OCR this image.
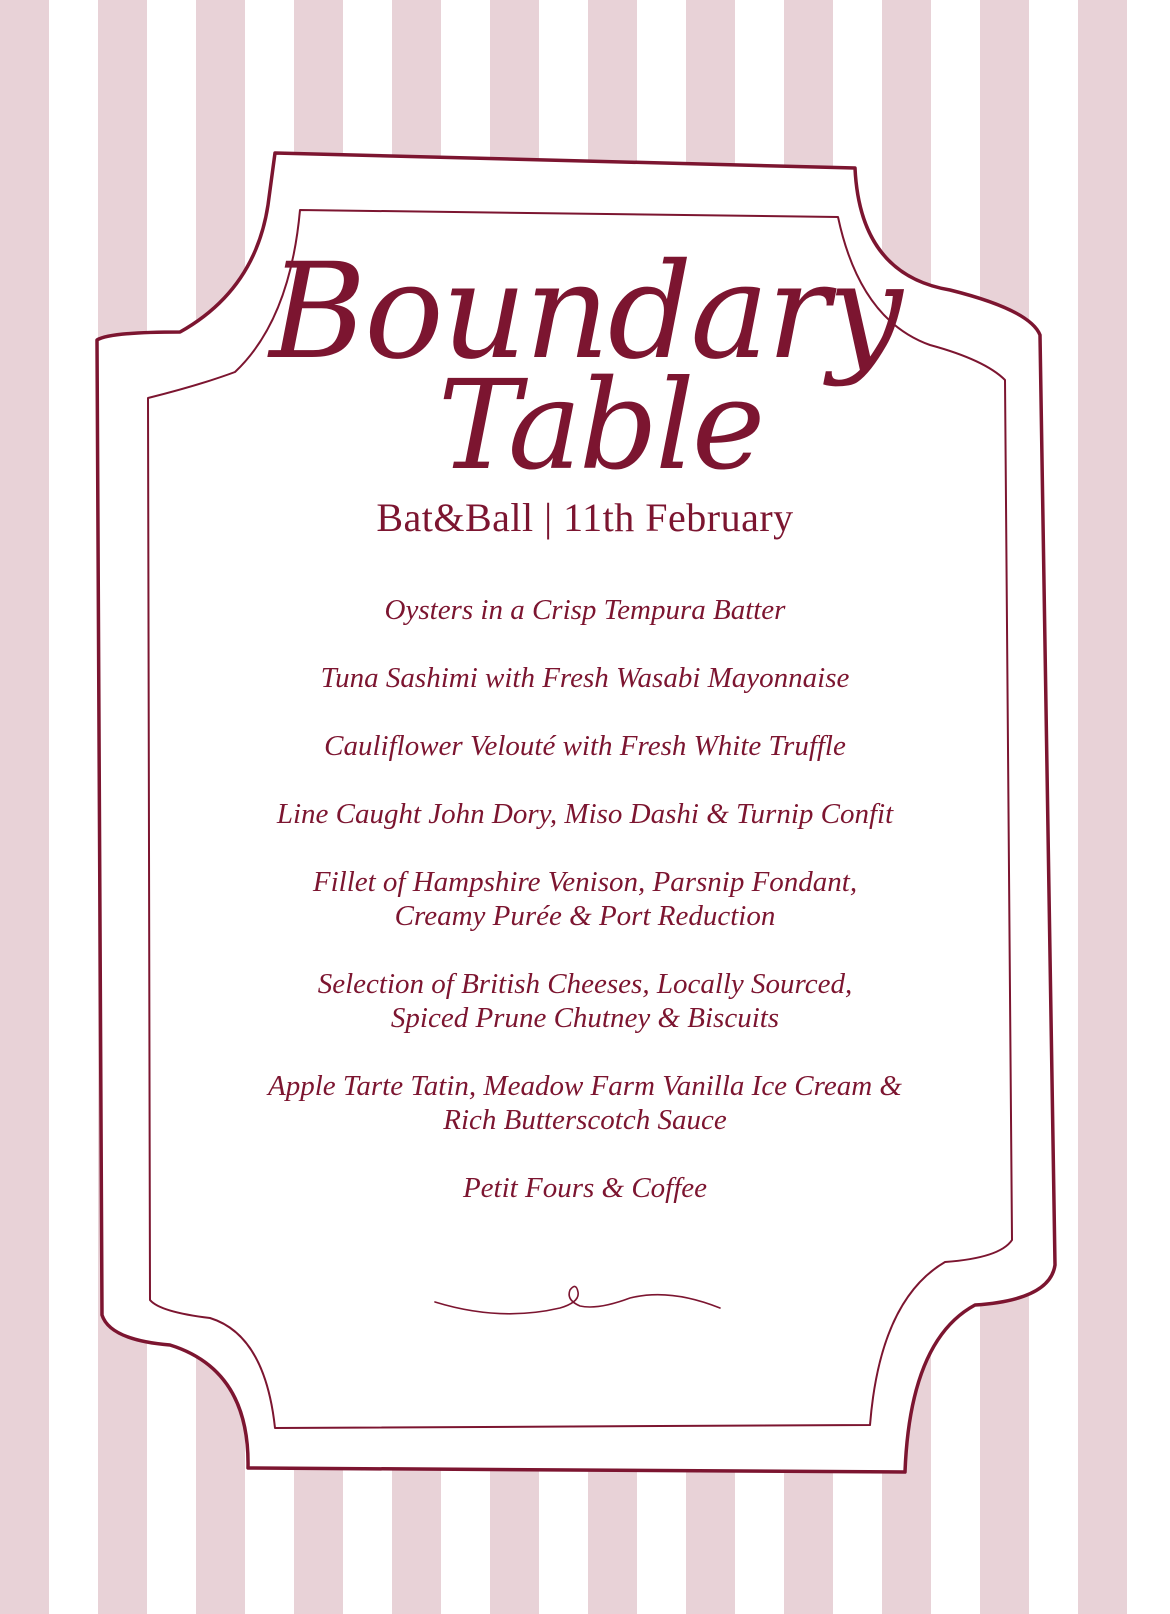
Boundary
Table
Bat&Ball | 11th February
Oysters in a Crisp Tempura Batter
Tuna Sashimi with Fresh Wasabi Mayonnaise
Cauliflower Velouté with Fresh White Truffle
Line Caught John Dory, Miso Dashi & Turnip Confit
Fillet of Hampshire Venison, Parsnip Fondant,
Creamy Purée & Port Reduction
Selection of British Cheeses, Locally Sourced,
Spiced Prune Chutney & Biscuits
Apple Tarte Tatin, Meadow Farm Vanilla Ice Cream &
Rich Butterscotch Sauce
Petit Fours & Coffee
